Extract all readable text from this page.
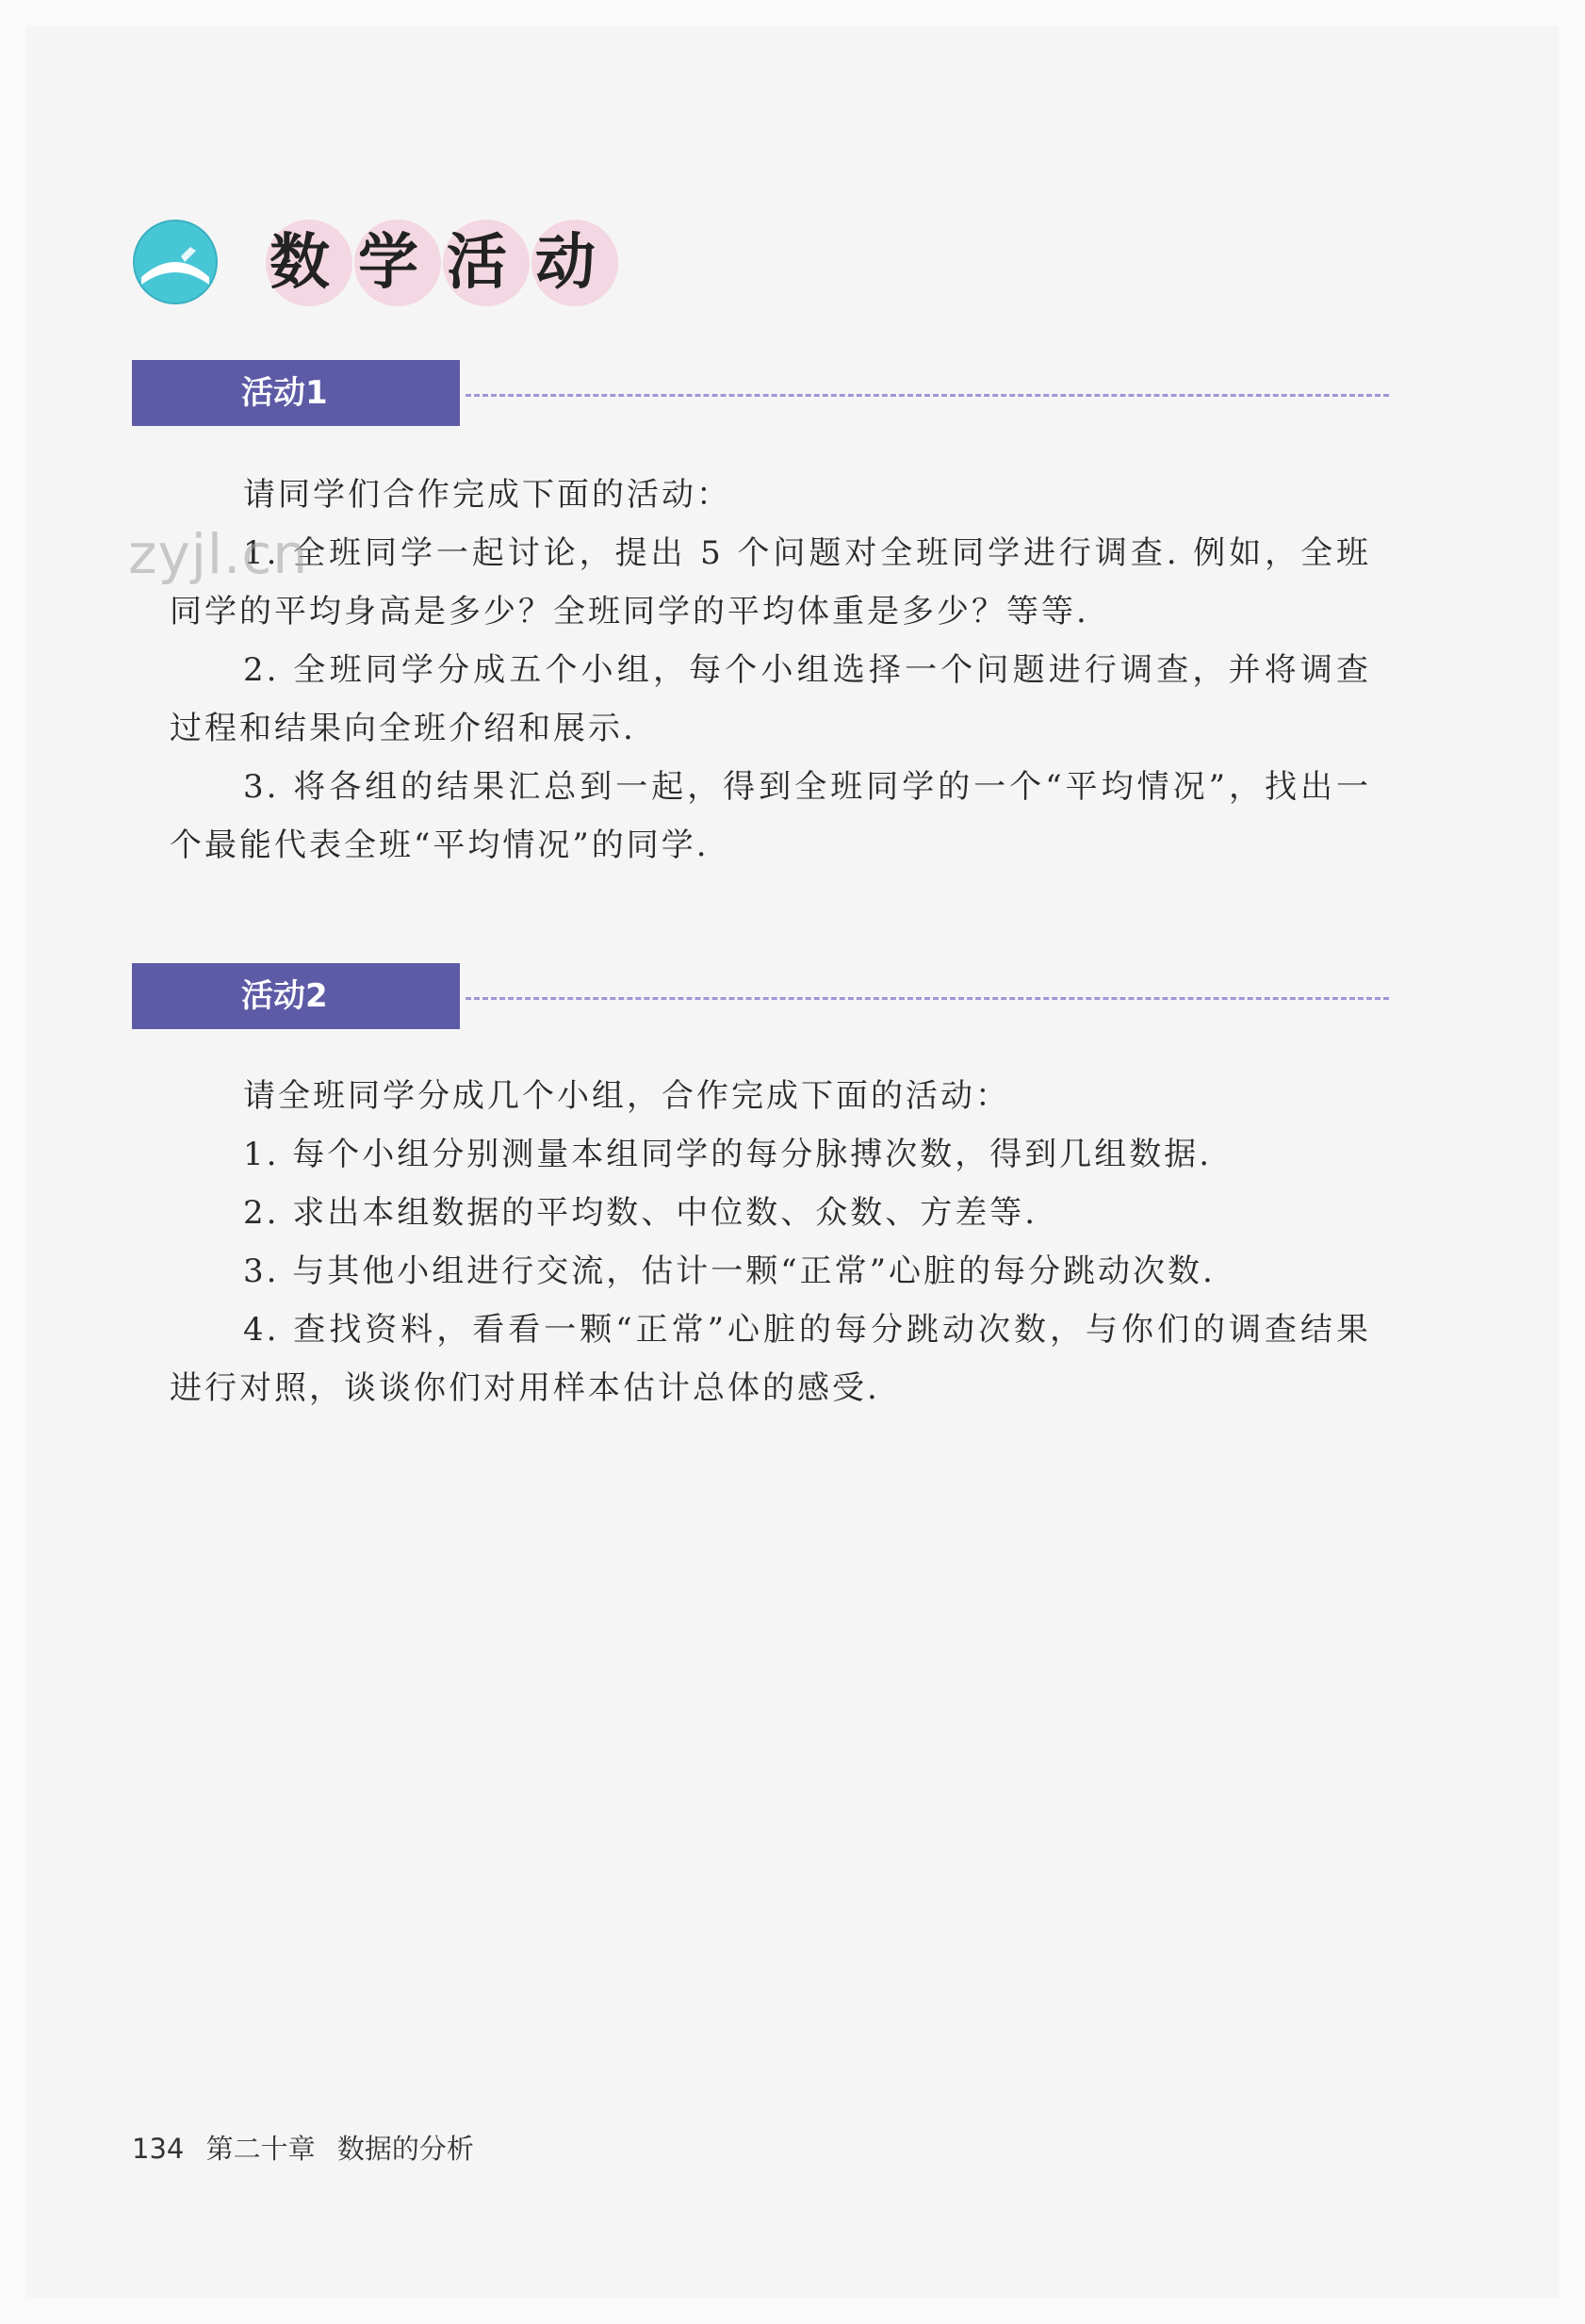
数学活动
活动1

请同学们合作完成下面的活动：

1. 全班同学一起讨论，提出 5 个问题对全班同学进行调查. 例如，全班同学的平均身高是多少？全班同学的平均体重是多少？等等.

2. 全班同学分成五个小组，每个小组选择一个问题进行调查，并将调查过程和结果向全班介绍和展示.

3. 将各组的结果汇总到一起，得到全班同学的一个“平均情况”，找出一个最能代表全班“平均情况”的同学.

zyjl.cn
活动2

请全班同学分成几个小组，合作完成下面的活动：

1. 每个小组分别测量本组同学的每分脉搏次数，得到几组数据.

2. 求出本组数据的平均数、中位数、众数、方差等.

3. 与其他小组进行交流，估计一颗“正常”心脏的每分跳动次数.

4. 查找资料，看看一颗“正常”心脏的每分跳动次数，与你们的调查结果进行对照，谈谈你们对用样本估计总体的感受.

134 第二十章 数据的分析
